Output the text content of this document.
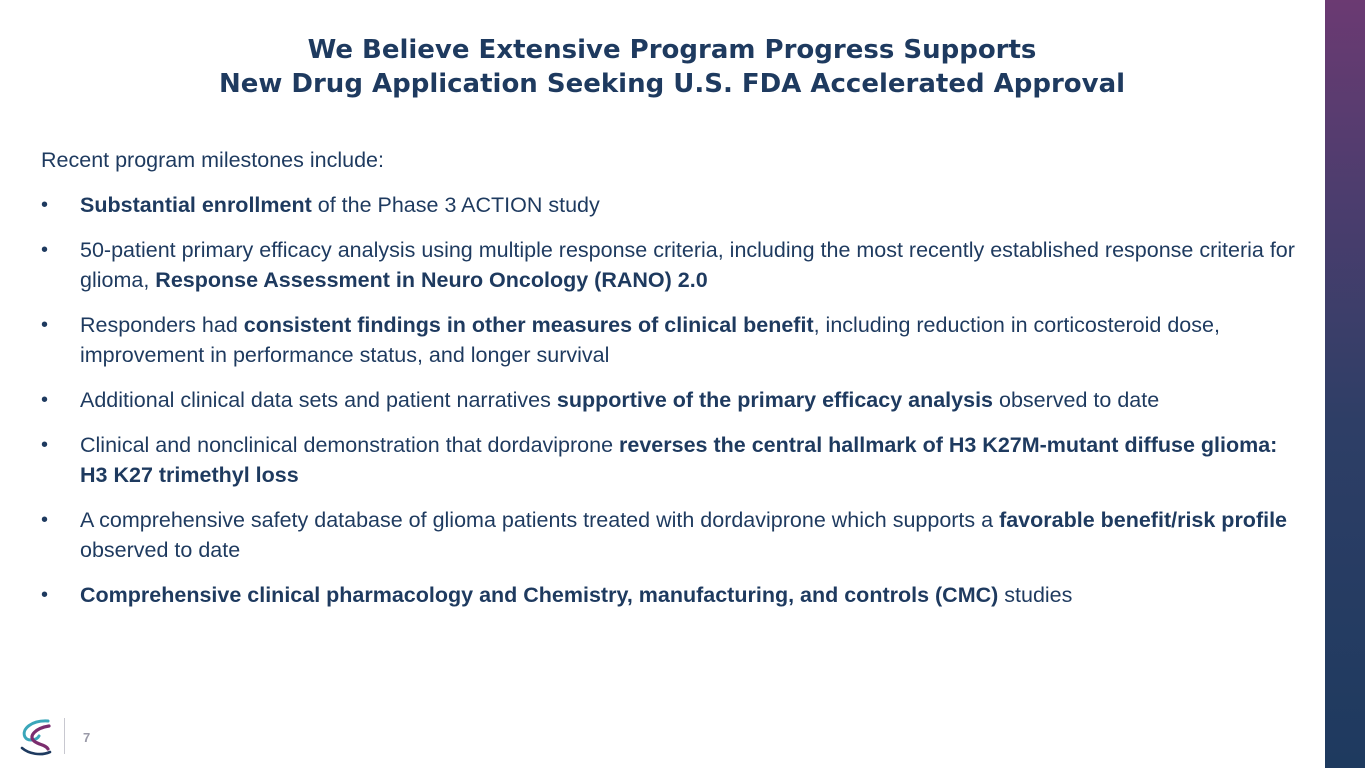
We Believe Extensive Program Progress Supports
New Drug Application Seeking U.S. FDA Accelerated Approval

Recent program milestones include:

• Substantial enrollment of the Phase 3 ACTION study
• 50-patient primary efficacy analysis using multiple response criteria, including the most recently established response criteria for glioma, Response Assessment in Neuro Oncology (RANO) 2.0
• Responders had consistent findings in other measures of clinical benefit, including reduction in corticosteroid dose, improvement in performance status, and longer survival
• Additional clinical data sets and patient narratives supportive of the primary efficacy analysis observed to date
• Clinical and nonclinical demonstration that dordaviprone reverses the central hallmark of H3 K27M-mutant diffuse glioma: H3 K27 trimethyl loss
• A comprehensive safety database of glioma patients treated with dordaviprone which supports a favorable benefit/risk profile observed to date
• Comprehensive clinical pharmacology and Chemistry, manufacturing, and controls (CMC) studies
7
